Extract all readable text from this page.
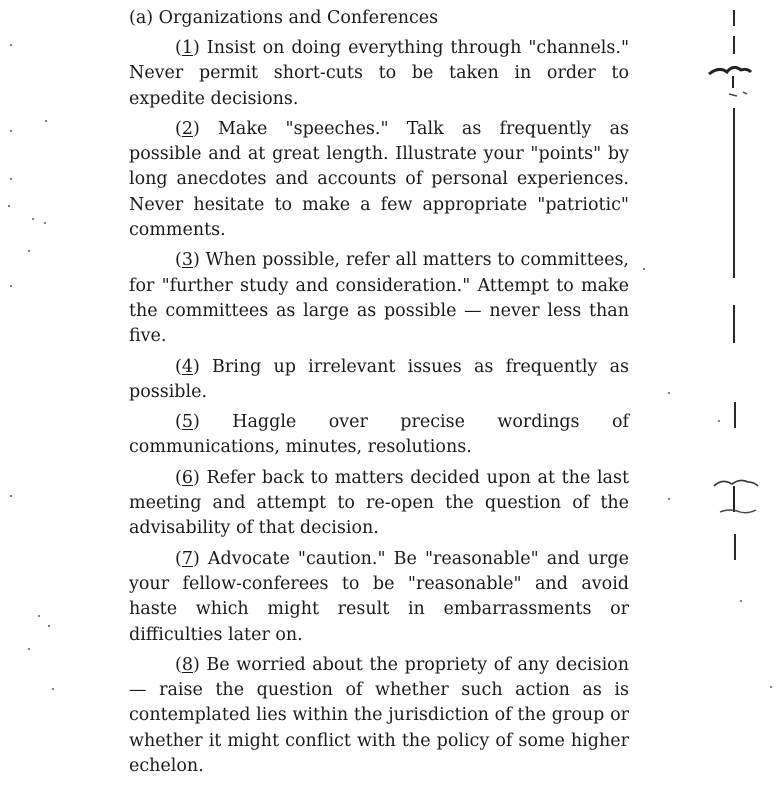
(a) Organizations and Conferences

(1) Insist on doing everything through "channels." Never permit short-cuts to be taken in order to expedite decisions.

(2) Make "speeches." Talk as frequently as possible and at great length. Illustrate your "points" by long anecdotes and accounts of personal experiences. Never hesitate to make a few appropriate "patriotic" comments.

(3) When possible, refer all matters to committees, for "further study and consideration." Attempt to make the committees as large as possible — never less than five.

(4) Bring up irrelevant issues as frequently as possible.

(5) Haggle over precise wordings of communications, minutes, resolutions.

(6) Refer back to matters decided upon at the last meeting and attempt to re-open the question of the advisability of that decision.

(7) Advocate "caution." Be "reasonable" and urge your fellow-conferees to be "reasonable" and avoid haste which might result in embarrassments or difficulties later on.

(8) Be worried about the propriety of any decision — raise the question of whether such action as is contemplated lies within the jurisdiction of the group or whether it might conflict with the policy of some higher echelon.
